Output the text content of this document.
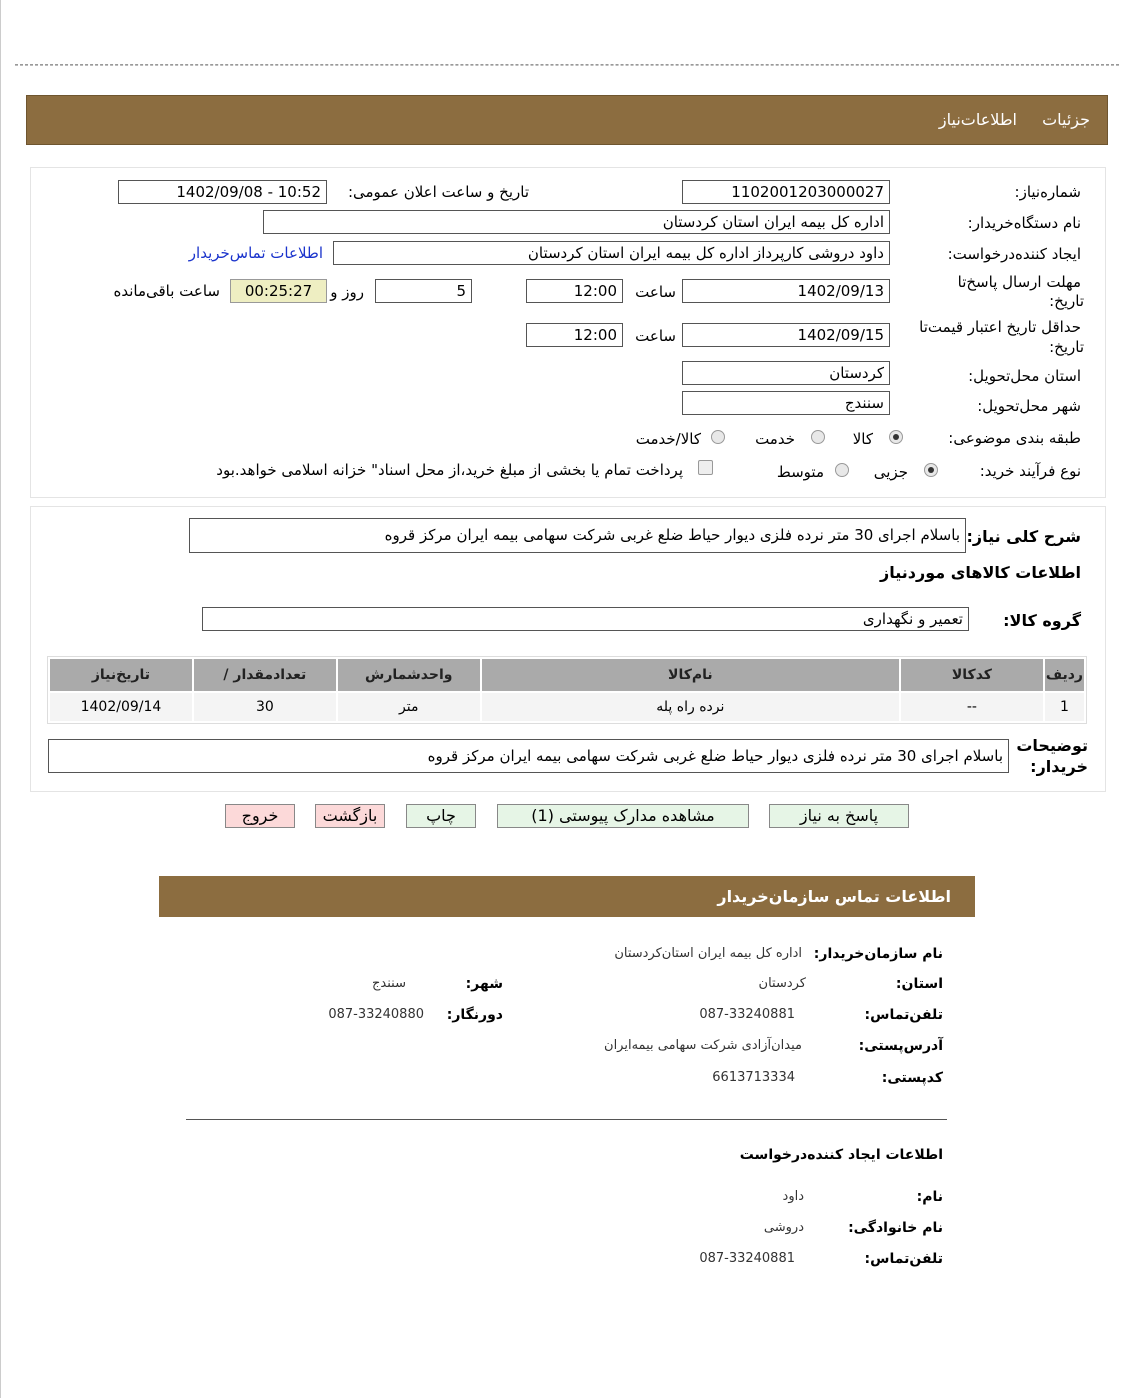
جزئیات
اطلاعات‌نیاز
شماره‌نیاز:
1102001203000027
تاریخ و ساعت اعلان عمومی:
1402/09/08 - 10:52
نام دستگاه‌خریدار:
اداره کل بیمه ایران استان کردستان
ایجاد کننده‌درخواست:
داود دروشی کارپرداز اداره کل بیمه ایران استان کردستان
اطلاعات تماس‌خریدار
مهلت ارسال پاسخ‌تا
تاریخ:
1402/09/13
ساعت
12:00
5
روز و
00:25:27
ساعت باقی‌مانده
حداقل تاریخ اعتبار قیمت‌تا
تاریخ:
1402/09/15
ساعت
12:00
استان محل‌تحویل:
کردستان
شهر محل‌تحویل:
سنندج
طبقه بندی موضوعی:
کالا
خدمت
کالا/خدمت
نوع فرآیند خرید:
جزیی
متوسط
پرداخت تمام یا بخشی از مبلغ خرید،از محل اسناد" خزانه اسلامی خواهد.بود
شرح کلی نیاز:
باسلام اجرای 30 متر نرده فلزی دیوار حیاط ضلع غربی شرکت سهامی بیمه ایران مرکز قروه
اطلاعات کالاهای موردنیاز
گروه کالا:
تعمیر و نگهداری
ردیف	کدکالا	نام‌کالا	واحدشمارش	تعدادمقدار /	تاریخ‌نیاز
1	--	نرده راه پله	متر	30	1402/09/14
توضیحات
خریدار:
باسلام اجرای 30 متر نرده فلزی دیوار حیاط ضلع غربی شرکت سهامی بیمه ایران مرکز قروه
پاسخ به نیاز
مشاهده مدارک پیوستی (1)
چاپ
بازگشت
خروج
اطلاعات تماس سازمان‌خریدار
نام سازمان‌خریدار:
اداره کل بیمه ایران استان‌کردستان
استان:
کردستان
شهر:
سنندج
تلفن‌تماس:
087-33240881
دورنگار:
087-33240880
آدرس‌پستی:
میدان‌آزادی شرکت سهامی بیمه‌ایران
کدپستی:
6613713334
اطلاعات ایجاد کننده‌درخواست
نام:
داود
نام خانوادگی:
دروشی
تلفن‌تماس:
087-33240881
